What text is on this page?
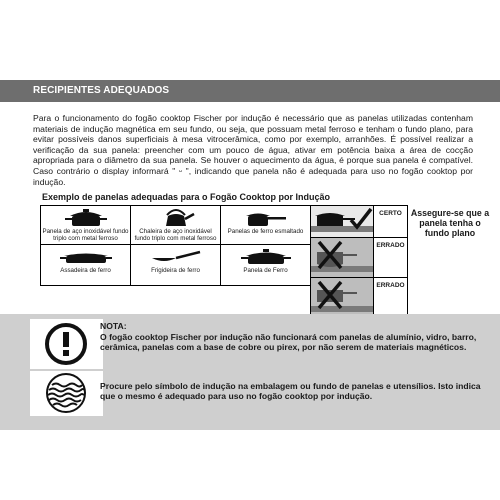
RECIPIENTES ADEQUADOS
Para o funcionamento do fogão cooktop Fischer por indução é necessário que as panelas utilizadas contenham materiais de indução magnética em seu fundo, ou seja, que possuam metal ferroso e tenham o fundo plano, para evitar possíveis danos superficiais à mesa vitrocerâmica, como por exemplo, arranhões. É possível realizar a verificação da sua panela: preencher com um pouco de água, ativar em potência baixa a área de cocção apropriada para o diâmetro da sua panela. Se houver o aquecimento da água, é porque sua panela é compatível. Caso contrário o display informará " ᵕ ", indicando que panela não é adequada para uso no fogão cooktop por indução.
Exemplo de panelas adequadas para o Fogão Cooktop por Indução
Panela de aço inoxidável fundo triplo com metal ferroso	Chaleira de aço inoxidável fundo triplo com metal ferroso	Panelas de ferro esmaltado

Assadeira de ferro	Frigideira de ferro	Panela de Ferro
	CERTO
	ERRADO
	ERRADO
Assegure-se que a panela tenha o fundo plano
NOTA:
O fogão cooktop Fischer por indução não funcionará com panelas de alumínio, vidro, barro, cerâmica, panelas com a base de cobre ou pirex, por não serem de materiais magnéticos.
Procure pelo símbolo de indução na embalagem ou fundo de panelas e utensílios. Isto indica que o mesmo é adequado para uso no fogão cooktop por indução.
